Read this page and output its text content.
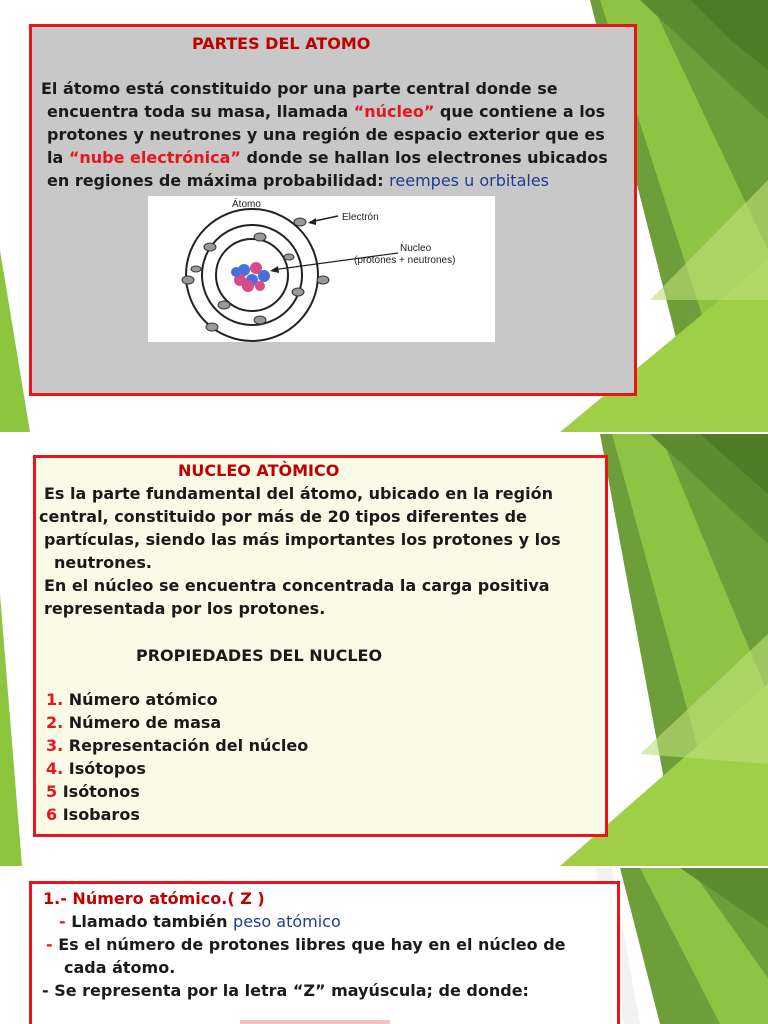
PARTES DEL ATOMO

El átomo está constituido por una parte central donde se

encuentra toda su masa, llamada “núcleo” que contiene a los

protones y neutrones y una región de espacio exterior que es

la “nube electrónica” donde se hallan los electrones ubicados

en regiones de máxima probabilidad: reempes u orbitales

Átomo
Electrón
Nucleo
(protones + neutrones)

NUCLEO ATÒMICO

Es la parte fundamental del átomo, ubicado en la región

central, constituido por más de 20 tipos diferentes de

partículas, siendo las más importantes los protones y los

neutrones.

En el núcleo se encuentra concentrada la carga positiva

representada por los protones.

PROPIEDADES DEL NUCLEO

1. Número atómico

2. Número de masa

3. Representación del núcleo

4. Isótopos

5 Isótonos

6 Isobaros

1.- Número atómico.( Z )

- Llamado también peso atómico

- Es el número de protones libres que hay en el núcleo de

cada átomo.

- Se representa por la letra “Z” mayúscula; de donde:
